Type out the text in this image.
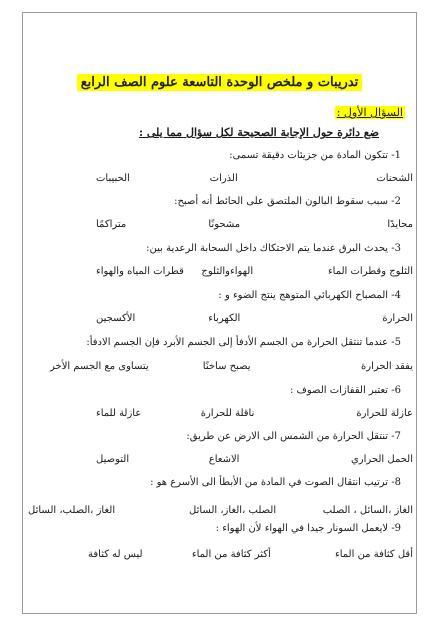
تدريبات و ملخص الوحدة التاسعة علوم الصف الرابع
السؤال الأول :
ضع دائرة حول الإجابة الصحيحة لكل سؤال مما يلى :
1- تتكون المادة من جزيئات دقيقة تسمى:
الشحنات
الذرات
الحبيبات
2- سبب سقوط البالون الملتصق على الحائط أنه أصبح:
محايدًا
مشحونًا
متراكمًا
3- يحدث البرق عندما يتم الاحتكاك داخل السحابة الرعدية بين:
الثلوج وقطرات الماء
الهواءوالثلوج
قطرات المياه والهواء
4- المصباح الكهربائي المتوهج ينتج الضوء و :
الحرارة
الكهرباء
الأكسجين
5- عندما تنتقل الحرارة من الجسم الأدفأ إلى الجسم الأبرد فإن الجسم الادفأ:
يفقد الحرارة
يصبح ساخنًا
يتساوى مع الجسم الأخر
6- تعتبر القفازات الصوف :
عازلة للحرارة
ناقلة للحرارة
عازلة للماء
7- تنتقل الحرارة من الشمس الى الارض عن طريق:
الحمل الحراري
الاشعاع
التوصيل
8- ترتيب انتقال الصوت في المادة من الأبطأ الى الأسرع هو :
الغاز ،السائل ، الصلب
الصلب ،الغاز، السائل
الغاز ،الصلب، السائل
9- لايعمل السونار جيدا في الهواء لأن الهواء :
أقل كثافة من الماء
أكثر كثافة من الماء
ليس له كثافة
